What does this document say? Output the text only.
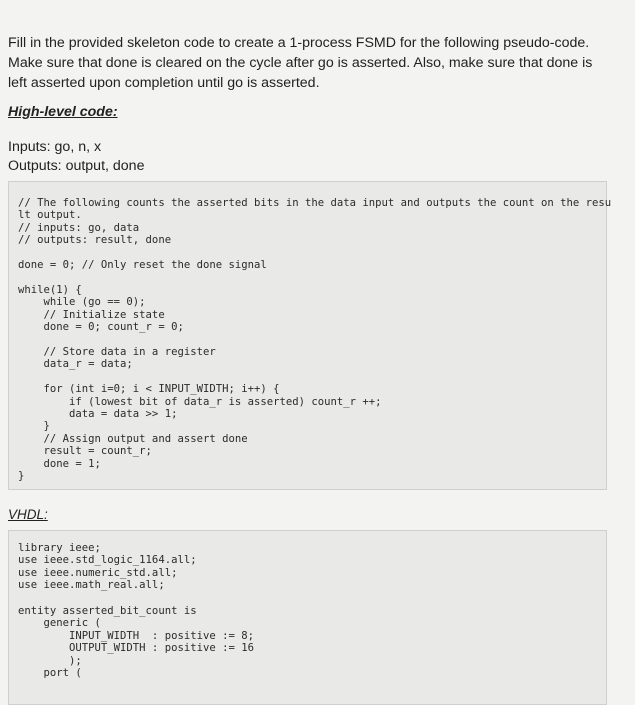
Fill in the provided skeleton code to create a 1-process FSMD for the following pseudo-code. Make sure that done is cleared on the cycle after go is asserted. Also, make sure that done is left asserted upon completion until go is asserted.
High-level code:
Inputs: go, n, x
Outputs: output, done
// The following counts the asserted bits in the data input and outputs the count on the resu
lt output.
// inputs: go, data
// outputs: result, done
done = 0; // Only reset the done signal
while(1) {
while (go == 0);
// Initialize state
done = 0; count_r = 0;

// Store data in a register
data_r = data;

for (int i=0; i < INPUT_WIDTH; i++) {
if (lowest bit of data_r is asserted) count_r ++;
data = data >> 1;
}
// Assign output and assert done
result = count_r;
done = 1;
}
VHDL:
library ieee;
use ieee.std_logic_1164.all;
use ieee.numeric_std.all;
use ieee.math_real.all;
entity asserted_bit_count is
generic (
INPUT_WIDTH  : positive := 8;
OUTPUT_WIDTH : positive := 16
);
port (
